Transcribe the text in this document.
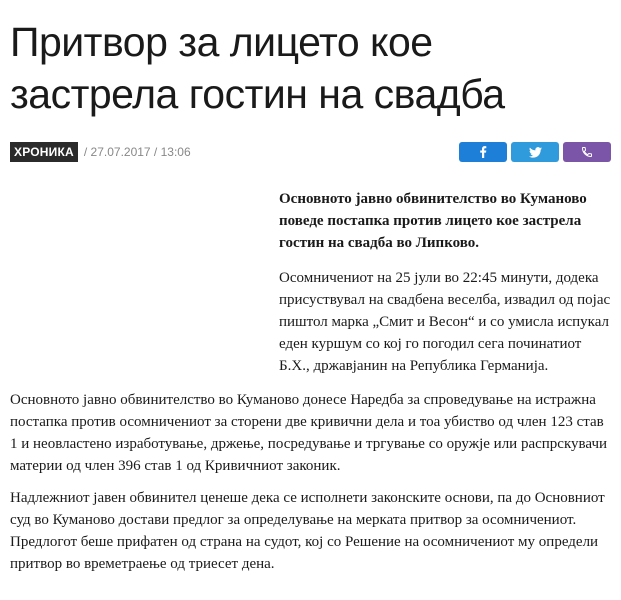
Притвор за лицето кое застрела гостин на свадба
ХРОНИКА / 27.07.2017 / 13:06

Основното јавно обвинителство во Куманово поведе постапка против лицето кое застрела гостин на свадба во Липково.

Осомничениот на 25 јули во 22:45 минути, додека присуствувал на свадбена веселба, извадил од појас пиштол марка „Смит и Весон“ и со умисла испукал еден куршум со кој го погодил сега починатиот Б.Х., државјанин на Република Германија.

Основното јавно обвинителство во Куманово донесе Наредба за спроведување на истражна постапка против осомничениот за сторени две кривични дела и тоа убиство од член 123 став 1 и неовластено изработување, држење, посредување и тргување со оружје или распрскувачи материи од член 396 став 1 од Кривичниот законик.

Надлежниот јавен обвинител ценеше дека се исполнети законските основи, па до Основниот суд во Куманово достави предлог за определување на мерката притвор за осомничениот. Предлогот беше прифатен од страна на судот, кој со Решение на осомничениот му определи притвор во времетраење од триесет дена.
